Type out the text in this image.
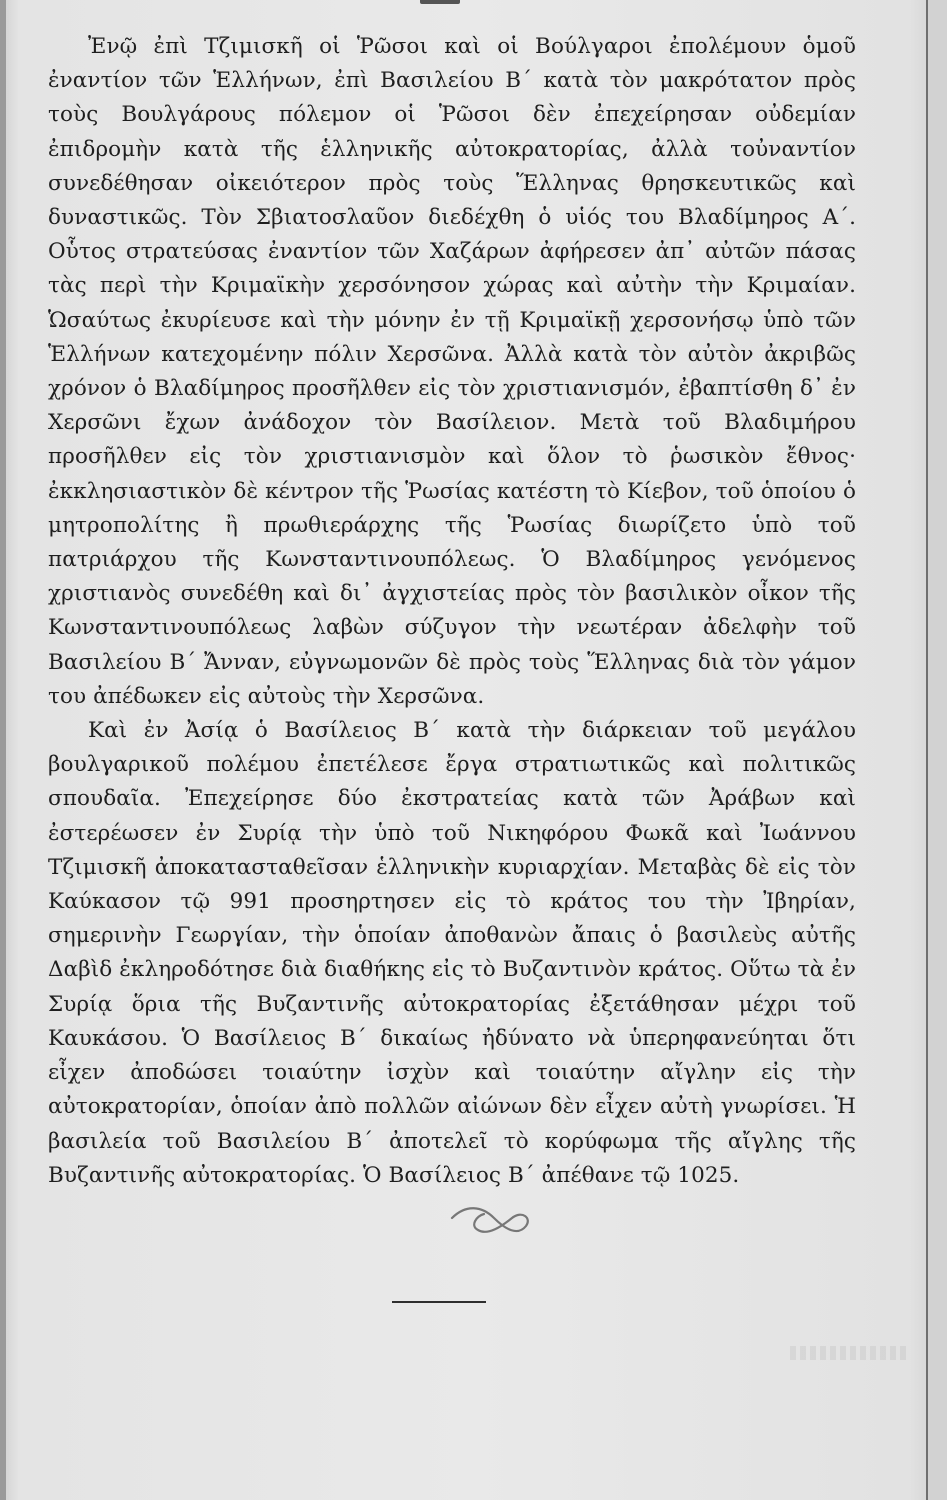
Ἐνῷ ἐπὶ Τζιμισκῆ οἱ Ῥῶσοι καὶ οἱ Βούλγαροι ἐπολέμουν ὁμοῦ ἐναντίον τῶν Ἑλλήνων, ἐπὶ Βασιλείου Β΄ κατὰ τὸν μακρότατον πρὸς τοὺς Βουλγάρους πόλεμον οἱ Ῥῶσοι δὲν ἐπεχείρησαν οὐδεμίαν ἐπιδρομὴν κατὰ τῆς ἑλληνικῆς αὐτοκρατορίας, ἀλλὰ τοὐναντίον συνεδέθησαν οἰκειότερον πρὸς τοὺς Ἕλληνας θρησκευτικῶς καὶ δυναστικῶς. Τὸν Σβιατοσλαῦον διεδέχθη ὁ υἱός του Βλαδίμηρος Α΄. Οὗτος στρατεύσας ἐναντίον τῶν Χαζάρων ἀφήρεσεν ἀπ᾽ αὐτῶν πάσας τὰς περὶ τὴν Κριμαϊκὴν χερσόνησον χώρας καὶ αὐτὴν τὴν Κριμαίαν. Ὡσαύτως ἐκυρίευσε καὶ τὴν μόνην ἐν τῇ Κριμαϊκῇ χερσονήσῳ ὑπὸ τῶν Ἑλλήνων κατεχομένην πόλιν Χερσῶνα. Ἀλλὰ κατὰ τὸν αὐτὸν ἀκριβῶς χρόνον ὁ Βλαδίμηρος προσῆλθεν εἰς τὸν χριστιανισμόν, ἐβαπτίσθη δ᾽ ἐν Χερσῶνι ἔχων ἀνάδοχον τὸν Βασίλειον. Μετὰ τοῦ Βλαδιμήρου προσῆλθεν εἰς τὸν χριστιανισμὸν καὶ ὅλον τὸ ῥωσικὸν ἔθνος· ἐκκλησιαστικὸν δὲ κέντρον τῆς Ῥωσίας κατέστη τὸ Κίεβον, τοῦ ὁποίου ὁ μητροπολίτης ἢ πρωθιεράρχης τῆς Ῥωσίας διωρίζετο ὑπὸ τοῦ πατριάρχου τῆς Κωνσταντινουπόλεως. Ὁ Βλαδίμηρος γενόμενος χριστιανὸς συνεδέθη καὶ δι᾽ ἀγχιστείας πρὸς τὸν βασιλικὸν οἶκον τῆς Κωνσταντινουπόλεως λαβὼν σύζυγον τὴν νεωτέραν ἀδελφὴν τοῦ Βασιλείου Β΄ Ἄνναν, εὐγνωμονῶν δὲ πρὸς τοὺς Ἕλληνας διὰ τὸν γάμον του ἀπέδωκεν εἰς αὐτοὺς τὴν Χερσῶνα.

Καὶ ἐν Ἀσίᾳ ὁ Βασίλειος Β΄ κατὰ τὴν διάρκειαν τοῦ μεγάλου βουλγαρικοῦ πολέμου ἐπετέλεσε ἔργα στρατιωτικῶς καὶ πολιτικῶς σπουδαῖα. Ἐπεχείρησε δύο ἐκστρατείας κατὰ τῶν Ἀράβων καὶ ἐστερέωσεν ἐν Συρίᾳ τὴν ὑπὸ τοῦ Νικηφόρου Φωκᾶ καὶ Ἰωάννου Τζιμισκῆ ἀποκατασταθεῖσαν ἑλληνικὴν κυριαρχίαν. Μεταβὰς δὲ εἰς τὸν Καύκασον τῷ 991 προσηρτησεν εἰς τὸ κράτος του τὴν Ἰβηρίαν, σημερινὴν Γεωργίαν, τὴν ὁποίαν ἀποθανὼν ἄπαις ὁ βασιλεὺς αὐτῆς Δαβὶδ ἐκληροδότησε διὰ διαθήκης εἰς τὸ Βυζαντινὸν κράτος. Οὕτω τὰ ἐν Συρίᾳ ὅρια τῆς Βυζαντινῆς αὐτοκρατορίας ἐξετάθησαν μέχρι τοῦ Καυκάσου. Ὁ Βασίλειος Β΄ δικαίως ἠδύνατο νὰ ὑπερηφανεύηται ὅτι εἶχεν ἀποδώσει τοιαύτην ἰσχὺν καὶ τοιαύτην αἴγλην εἰς τὴν αὐτοκρατορίαν, ὁποίαν ἀπὸ πολλῶν αἰώνων δὲν εἶχεν αὐτὴ γνωρίσει. Ἡ βασιλεία τοῦ Βασιλείου Β΄ ἀποτελεῖ τὸ κορύφωμα τῆς αἴγλης τῆς Βυζαντινῆς αὐτοκρατορίας. Ὁ Βασίλειος Β΄ ἀπέθανε τῷ 1025.
